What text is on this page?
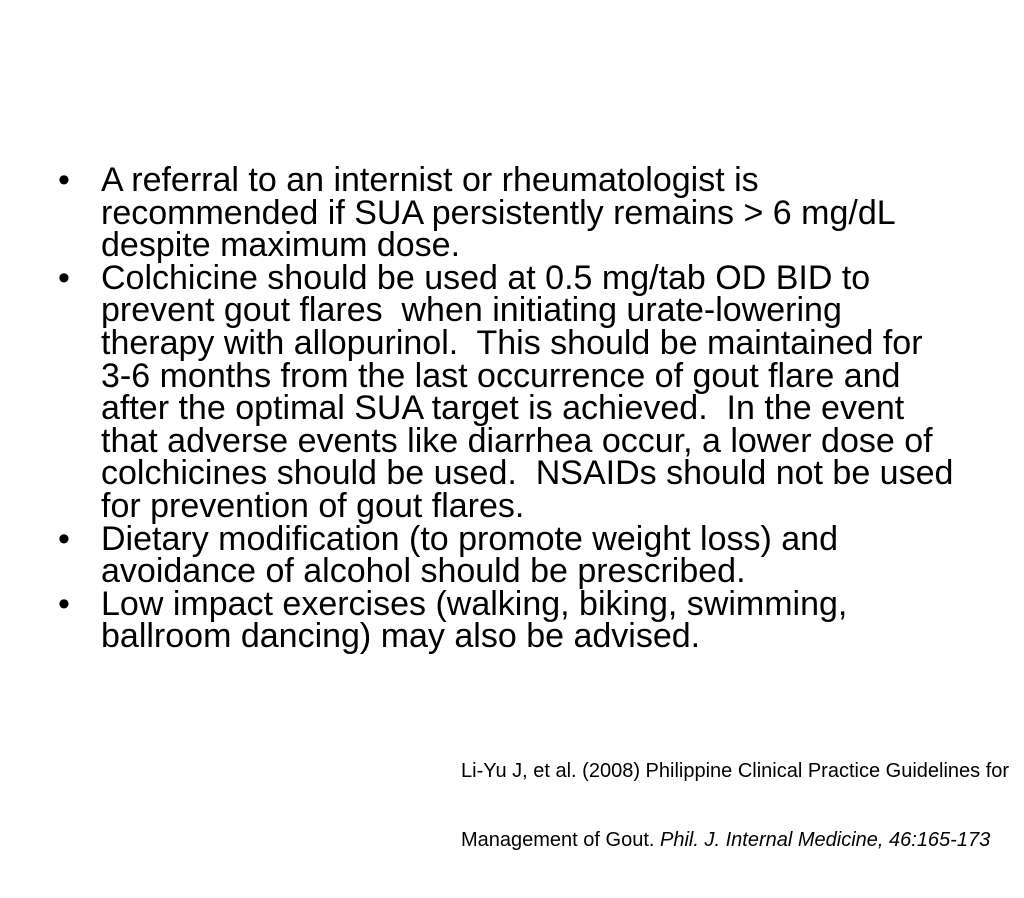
• A referral to an internist or rheumatologist is
recommended if SUA persistently remains > 6 mg/dL
despite maximum dose.
• Colchicine should be used at 0.5 mg/tab OD BID to
prevent gout flares  when initiating urate-lowering
therapy with allopurinol.  This should be maintained for
3-6 months from the last occurrence of gout flare and
after the optimal SUA target is achieved.  In the event
that adverse events like diarrhea occur, a lower dose of
colchicines should be used.  NSAIDs should not be used
for prevention of gout flares.
• Dietary modification (to promote weight loss) and
avoidance of alcohol should be prescribed.
• Low impact exercises (walking, biking, swimming,
ballroom dancing) may also be advised.

Li-Yu J, et al. (2008) Philippine Clinical Practice Guidelines for

Management of Gout. Phil. J. Internal Medicine, 46:165-173
